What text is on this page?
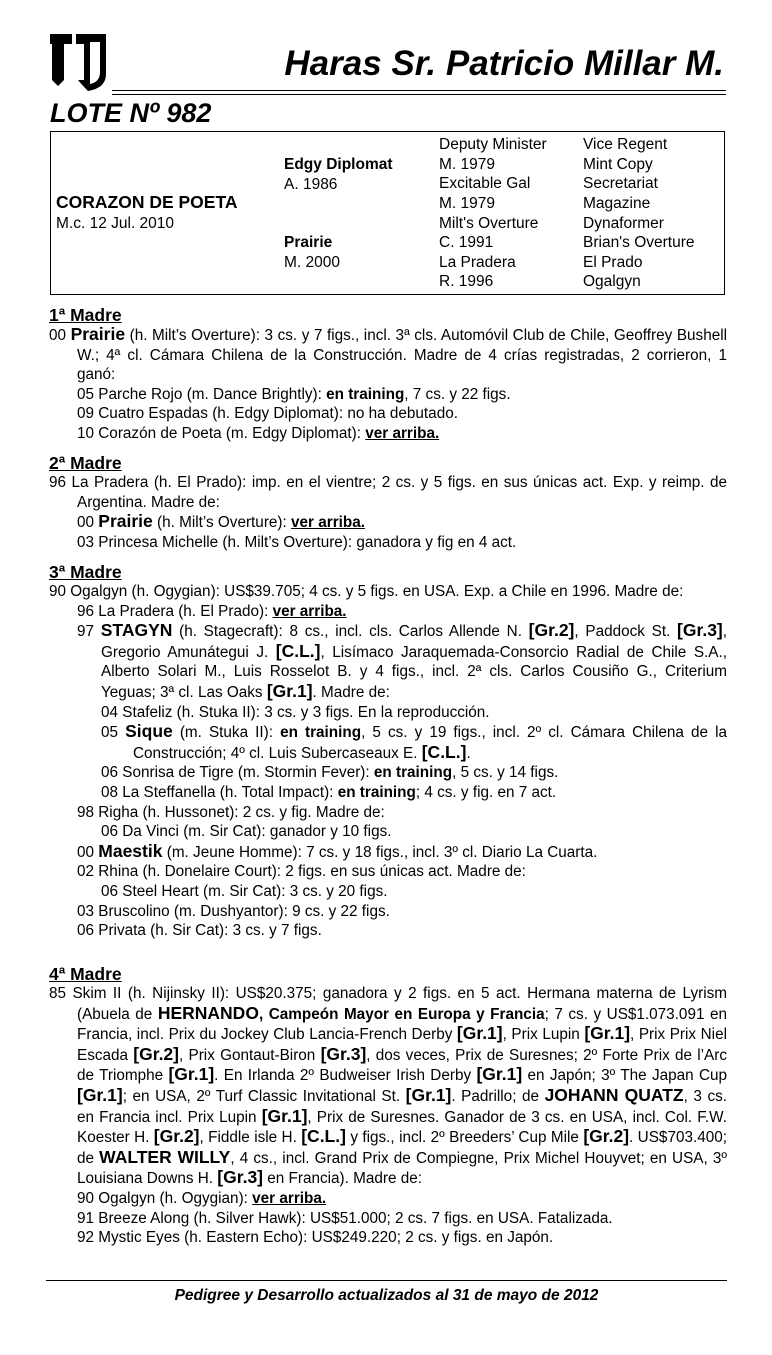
Haras Sr. Patricio Millar M.
LOTE Nº 982
CORAZON DE POETA
M.c. 12 Jul. 2010
Edgy Diplomat
A. 1986
Prairie
M. 2000
Deputy Minister
M. 1979
Excitable Gal
M. 1979
Milt's Overture
C. 1991
La Pradera
R. 1996
Vice Regent
Mint Copy
Secretariat
Magazine
Dynaformer
Brian's Overture
El Prado
Ogalgyn
1ª Madre
00 Prairie (h. Milt’s Overture): 3 cs. y 7 figs., incl. 3ª cls. Automóvil Club de Chile, Geoffrey Bushell W.; 4ª cl. Cámara Chilena de la Construcción. Madre de 4 crías registradas, 2 corrieron, 1 ganó:
05 Parche Rojo (m. Dance Brightly): en training, 7 cs. y 22 figs.
09 Cuatro Espadas (h. Edgy Diplomat): no ha debutado.
10 Corazón de Poeta (m. Edgy Diplomat): ver arriba.
2ª Madre
96 La Pradera (h. El Prado): imp. en el vientre; 2 cs. y 5 figs. en sus únicas act. Exp. y reimp. de Argentina. Madre de:
00 Prairie (h. Milt’s Overture): ver arriba.
03 Princesa Michelle (h. Milt’s Overture): ganadora y fig en 4 act.
3ª Madre
90 Ogalgyn (h. Ogygian): US$39.705; 4 cs. y 5 figs. en USA. Exp. a Chile en 1996. Madre de:
96 La Pradera (h. El Prado): ver arriba.
97 STAGYN (h. Stagecraft): 8 cs., incl. cls. Carlos Allende N. [Gr.2], Paddock St. [Gr.3], Gregorio Amunátegui J. [C.L.], Lisímaco Jaraquemada-Consorcio Radial de Chile S.A., Alberto Solari M., Luis Rosselot B. y 4 figs., incl. 2ª cls. Carlos Cousiño G., Criterium Yeguas; 3ª cl. Las Oaks [Gr.1]. Madre de:
04 Stafeliz (h. Stuka II): 3 cs. y 3 figs. En la reproducción.
05 Sique (m. Stuka II): en training, 5 cs. y 19 figs., incl. 2º cl. Cámara Chilena de la Construcción; 4º cl. Luis Subercaseaux E. [C.L.].
06 Sonrisa de Tigre (m. Stormin Fever): en training, 5 cs. y 14 figs.
08 La Steffanella (h. Total Impact): en training; 4 cs. y fig. en 7 act.
98 Righa (h. Hussonet): 2 cs. y fig. Madre de:
06 Da Vinci (m. Sir Cat): ganador y 10 figs.
00 Maestik (m. Jeune Homme): 7 cs. y 18 figs., incl. 3º cl. Diario La Cuarta.
02 Rhina (h. Donelaire Court): 2 figs. en sus únicas act. Madre de:
06 Steel Heart (m. Sir Cat): 3 cs. y 20 figs.
03 Bruscolino (m. Dushyantor): 9 cs. y 22 figs.
06 Privata (h. Sir Cat): 3 cs. y 7 figs.
4ª Madre
85 Skim II (h. Nijinsky II): US$20.375; ganadora y 2 figs. en 5 act. Hermana materna de Lyrism (Abuela de HERNANDO, Campeón Mayor en Europa y Francia; 7 cs. y US$1.073.091 en Francia, incl. Prix du Jockey Club Lancia-French Derby [Gr.1], Prix Lupin [Gr.1], Prix Prix Niel Escada [Gr.2], Prix Gontaut-Biron [Gr.3], dos veces, Prix de Suresnes; 2º Forte Prix de l’Arc de Triomphe [Gr.1]. En Irlanda 2º Budweiser Irish Derby [Gr.1] en Japón; 3º The Japan Cup [Gr.1]; en USA, 2º Turf Classic Invitational St. [Gr.1]. Padrillo; de JOHANN QUATZ, 3 cs. en Francia incl. Prix Lupin [Gr.1], Prix de Suresnes. Ganador de 3 cs. en USA, incl. Col. F.W. Koester H. [Gr.2], Fiddle isle H. [C.L.] y figs., incl. 2º Breeders’ Cup Mile [Gr.2]. US$703.400; de WALTER WILLY, 4 cs., incl. Grand Prix de Compiegne, Prix Michel Houyvet; en USA, 3º Louisiana Downs H. [Gr.3] en Francia). Madre de:
90 Ogalgyn (h. Ogygian): ver arriba.
91 Breeze Along (h. Silver Hawk): US$51.000; 2 cs. 7 figs. en USA. Fatalizada.
92 Mystic Eyes (h. Eastern Echo): US$249.220; 2 cs. y figs. en Japón.
Pedigree y Desarrollo actualizados al 31 de mayo de 2012
